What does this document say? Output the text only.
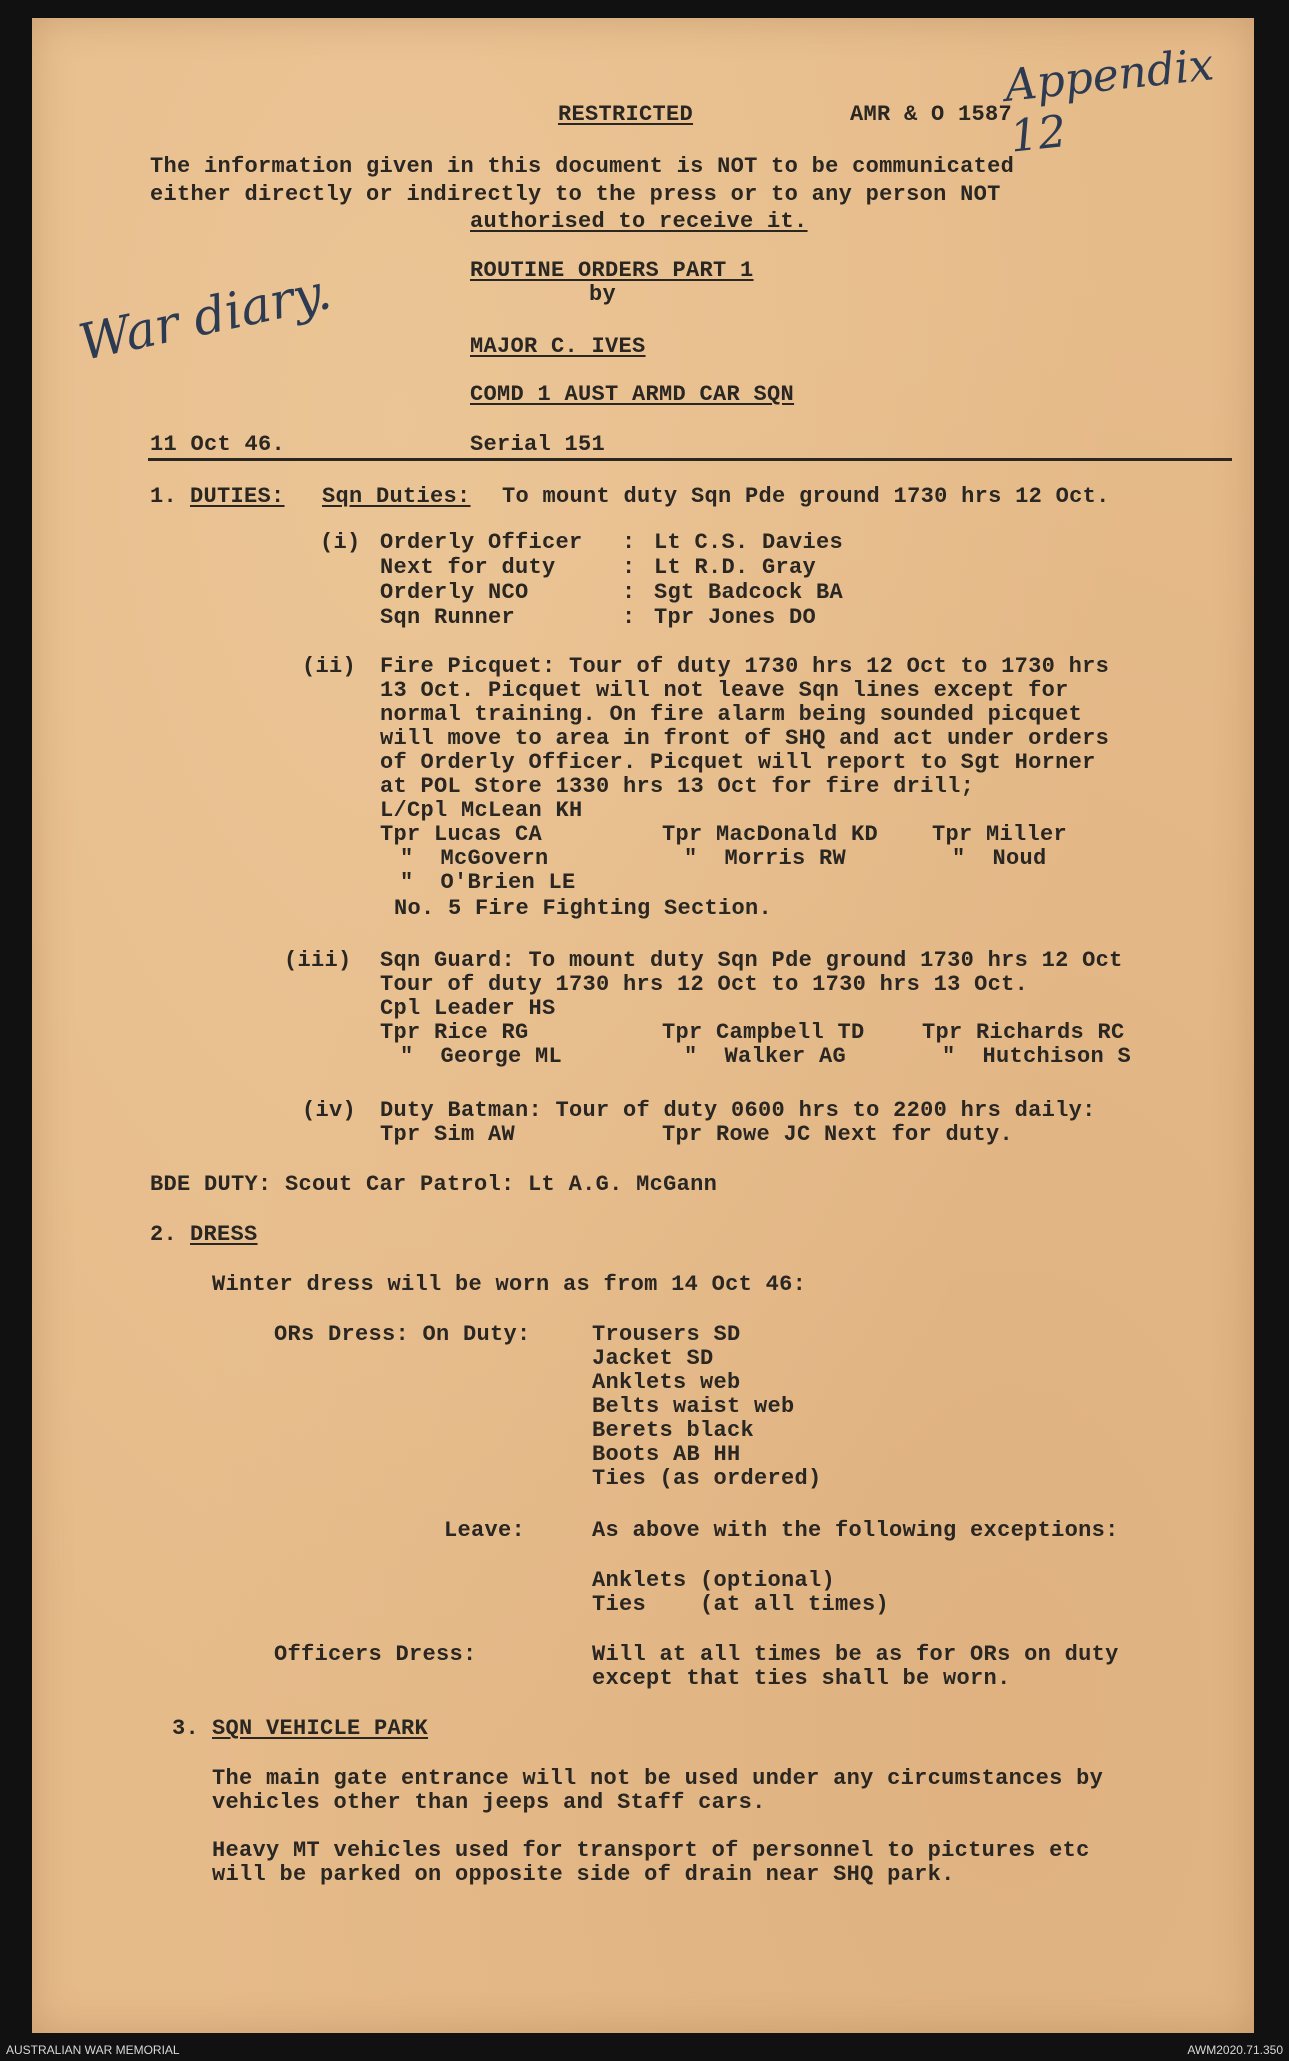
Appendix 12
War diary.
RESTRICTED	AMR & O 1587
The information given in this document is NOT to be communicated
either directly or indirectly to the press or to any person NOT
authorised to receive it.
ROUTINE ORDERS PART 1
by
MAJOR C. IVES
COMD 1 AUST ARMD CAR SQN
11 Oct 46.	Serial 151
1. DUTIES: Sqn Duties: To mount duty Sqn Pde ground 1730 hrs 12 Oct.
(i) Orderly Officer : Lt C.S. Davies
Next for duty	: Lt R.D. Gray
Orderly NCO	: Sgt Badcock BA
Sqn Runner	: Tpr Jones DO
(ii) Fire Picquet: Tour of duty 1730 hrs 12 Oct to 1730 hrs
13 Oct. Picquet will not leave Sqn lines except for
normal training. On fire alarm being sounded picquet
will move to area in front of SHQ and act under orders
of Orderly Officer. Picquet will report to Sgt Horner
at POL Store 1330 hrs 13 Oct for fire drill;
L/Cpl McLean KH
Tpr Lucas CA	Tpr MacDonald KD Tpr Miller
"  McGovern	"  Morris RW	"  Noud
"  O'Brien LE
No. 5 Fire Fighting Section.
(iii) Sqn Guard: To mount duty Sqn Pde ground 1730 hrs 12 Oct
Tour of duty 1730 hrs 12 Oct to 1730 hrs 13 Oct.
Cpl Leader HS
Tpr Rice RG	Tpr Campbell TD	Tpr Richards RC
"  George ML	"  Walker AG	"  Hutchison S
(iv) Duty Batman: Tour of duty 0600 hrs to 2200 hrs daily:
Tpr Sim AW	Tpr Rowe JC Next for duty.
BDE DUTY: Scout Car Patrol: Lt A.G. McGann
2. DRESS
Winter dress will be worn as from 14 Oct 46:
ORs Dress: On Duty:	Trousers SD
Jacket SD
Anklets web
Belts waist web
Berets black
Boots AB HH
Ties (as ordered)
Leave:	As above with the following exceptions:
Anklets (optional)
Ties    (at all times)
Officers Dress:	Will at all times be as for ORs on duty
except that ties shall be worn.
3. SQN VEHICLE PARK
The main gate entrance will not be used under any circumstances by
vehicles other than jeeps and Staff cars.
Heavy MT vehicles used for transport of personnel to pictures etc
will be parked on opposite side of drain near SHQ park.
AUSTRALIAN WAR MEMORIAL	AWM2020.71.350
